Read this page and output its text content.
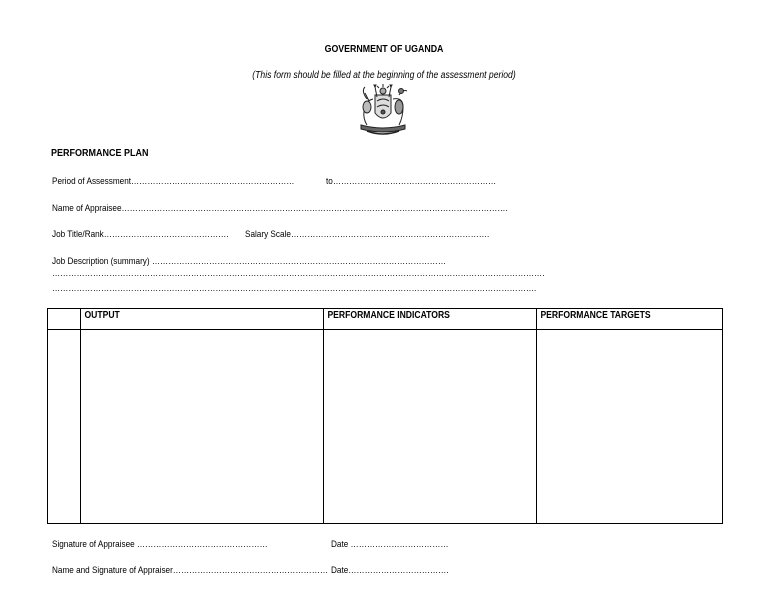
GOVERNMENT OF UGANDA
(This form should be filled at the beginning of the assessment period)
PERFORMANCE PLAN
Period of Assessment……………………………………………………	to……………………………………………………
Name of Appraisee…………………………………………………………………………………………………………………………….
Job Title/Rank………………………………………. Salary Scale……………………………………………………………….
Job Description (summary) ………………………………………………………………………………………………
……………………………………………………………………………………………………………………………………………………………….
…………………………………………………………………………………………………………………………………………………………….
	OUTPUT	PERFORMANCE INDICATORS	PERFORMANCE TARGETS

Signature of Appraisee …………………………………………	Date ………………………………
Name and Signature of Appraiser………………………………………………… Date……………………………….
